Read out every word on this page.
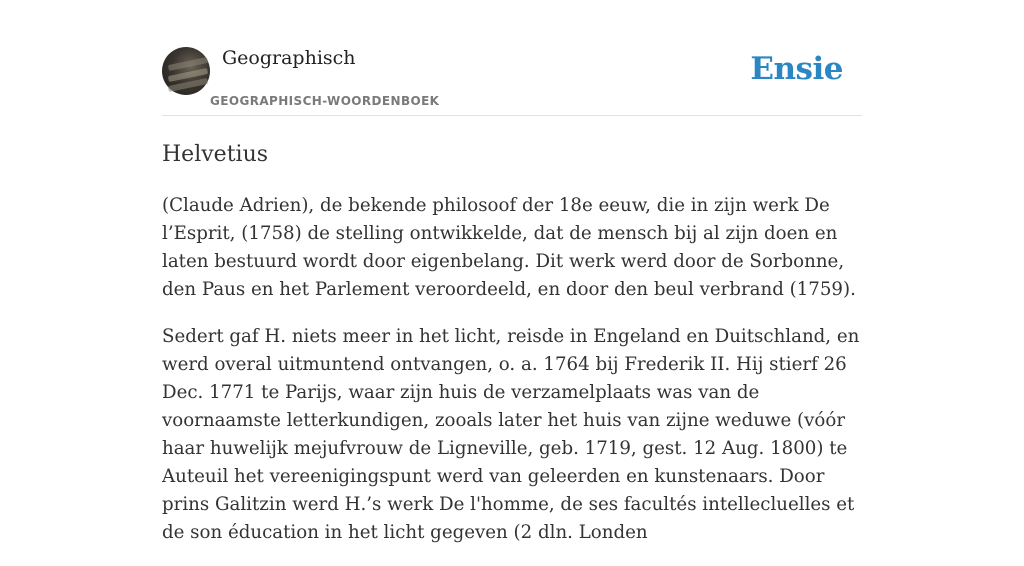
Geographisch
GEOGRAPHISCH-WOORDENBOEK
Ensie
Helvetius

(Claude Adrien), de bekende philosoof der 18e eeuw, die in zijn werk De l’Esprit, (1758) de stelling ontwikkelde, dat de mensch bij al zijn doen en laten bestuurd wordt door eigenbelang. Dit werk werd door de Sorbonne, den Paus en het Parlement veroordeeld, en door den beul verbrand (1759).

Sedert gaf H. niets meer in het licht, reisde in Engeland en Duitschland, en werd overal uitmuntend ontvangen, o. a. 1764 bij Frederik II. Hij stierf 26 Dec. 1771 te Parijs, waar zijn huis de verzamelplaats was van de voornaamste letterkundigen, zooals later het huis van zijne weduwe (vóór haar huwelijk mejufvrouw de Ligneville, geb. 1719, gest. 12 Aug. 1800) te Auteuil het vereenigingspunt werd van geleerden en kunstenaars. Door prins Galitzin werd H.’s werk De l'homme, de ses facultés intellecluelles et de son éducation in het licht gegeven (2 dln. Londen
